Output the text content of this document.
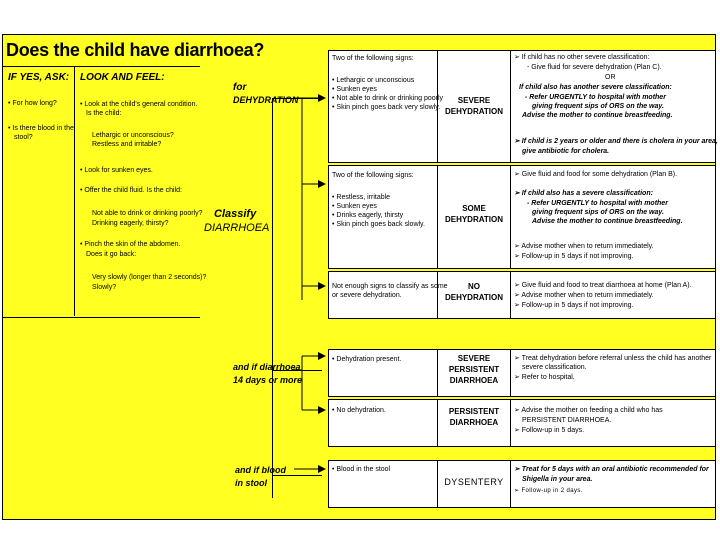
Does the child have diarrhoea?
IF YES, ASK: LOOK AND FEEL:
• For how long?
• Is there blood in the
stool?
• Look at the child's general condition.
Is the child:
Lethargic or unconscious?
Restless and irritable?
• Look for sunken eyes.
• Offer the child fluid. Is the child:
Not able to drink or drinking poorly?
Drinking eagerly, thirsty?
• Pinch the skin of the abdomen.
Does it go back:
Very slowly (longer than 2 seconds)?
Slowly?
Classify
DIARRHOEA
for
DEHYDRATION
and if diarrhoea
14 days or more
and if blood
in stool
Two of the following signs:
• Lethargic or unconscious
• Sunken eyes
• Not able to drink or drinking poorly
• Skin pinch goes back very slowly.
SEVERE
DEHYDRATION
➢ If child has no other severe classification:
- Give fluid for severe dehydration (Plan C).
OR
If child also has another severe classification:
- Refer URGENTLY to hospital with mother
giving frequent sips of ORS on the way.
Advise the mother to continue breastfeeding.
➢ If child is 2 years or older and there is cholera in your area,
give antibiotic for cholera.
Two of the following signs:
• Restless, irritable
• Sunken eyes
• Drinks eagerly, thirsty
• Skin pinch goes back slowly.
SOME
DEHYDRATION
➢ Give fluid and food for some dehydration (Plan B).
➢ If child also has a severe classification:
- Refer URGENTLY to hospital with mother
giving frequent sips of ORS on the way.
Advise the mother to continue breastfeeding.
➢ Advise mother when to return immediately.
➢ Follow-up in 5 days if not improving.
Not enough signs to classify as some
or severe dehydration.
NO
DEHYDRATION
➢ Give fluid and food to treat diarrhoea at home (Plan A).
➢ Advise mother when to return immediately.
➢ Follow-up in 5 days if not improving.
• Dehydration present.	SEVERE
PERSISTENT
DIARRHOEA
➢ Treat dehydration before referral unless the child has another
severe classification.
➢ Refer to hospital.
• No dehydration.	PERSISTENT
DIARRHOEA
➢ Advise the mother on feeding a child who has
PERSISTENT DIARRHOEA.
➢ Follow-up in 5 days.
• Blood in the stool
DYSENTERY
➢ Treat for 5 days with an oral antibiotic recommended for
Shigella in your area.
➢ Follow-up in 2 days.
